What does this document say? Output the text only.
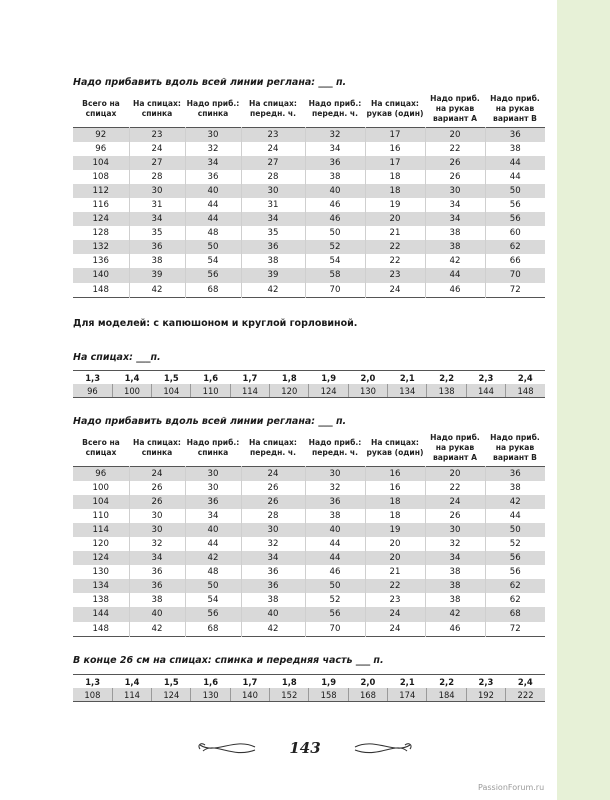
Надо прибавить вдоль всей линии реглана: ___ п.
Всего на спицах	На спицах: спинка	Надо приб.: спинка	На спицах: передн. ч.	Надо приб.: передн. ч.	На спицах: рукав (один)	Надо приб. на рукав вариант А	Надо приб. на рукав вариант В
92	23	30	23	32	17	20	36
96	24	32	24	34	16	22	38
104	27	34	27	36	17	26	44
108	28	36	28	38	18	26	44
112	30	40	30	40	18	30	50
116	31	44	31	46	19	34	56
124	34	44	34	46	20	34	56
128	35	48	35	50	21	38	60
132	36	50	36	52	22	38	62
136	38	54	38	54	22	42	66
140	39	56	39	58	23	44	70
148	42	68	42	70	24	46	72
Для моделей: с капюшоном и круглой горловиной.
На спицах: ___п.
1,3	1,4	1,5	1,6	1,7	1,8	1,9	2,0	2,1	2,2	2,3	2,4
96	100	104	110	114	120	124	130	134	138	144	148
Надо прибавить вдоль всей линии реглана: ___ п.
Всего на спицах	На спицах: спинка	Надо приб.: спинка	На спицах: передн. ч.	Надо приб.: передн. ч.	На спицах: рукав (один)	Надо приб. на рукав вариант А	Надо приб. на рукав вариант В
96	24	30	24	30	16	20	36
100	26	30	26	32	16	22	38
104	26	36	26	36	18	24	42
110	30	34	28	38	18	26	44
114	30	40	30	40	19	30	50
120	32	44	32	44	20	32	52
124	34	42	34	44	20	34	56
130	36	48	36	46	21	38	56
134	36	50	36	50	22	38	62
138	38	54	38	52	23	38	62
144	40	56	40	56	24	42	68
148	42	68	42	70	24	46	72
В конце 26 см на спицах: спинка и передняя часть ___ п.
1,3	1,4	1,5	1,6	1,7	1,8	1,9	2,0	2,1	2,2	2,3	2,4
108	114	124	130	140	152	158	168	174	184	192	222
143
PassionForum.ru
